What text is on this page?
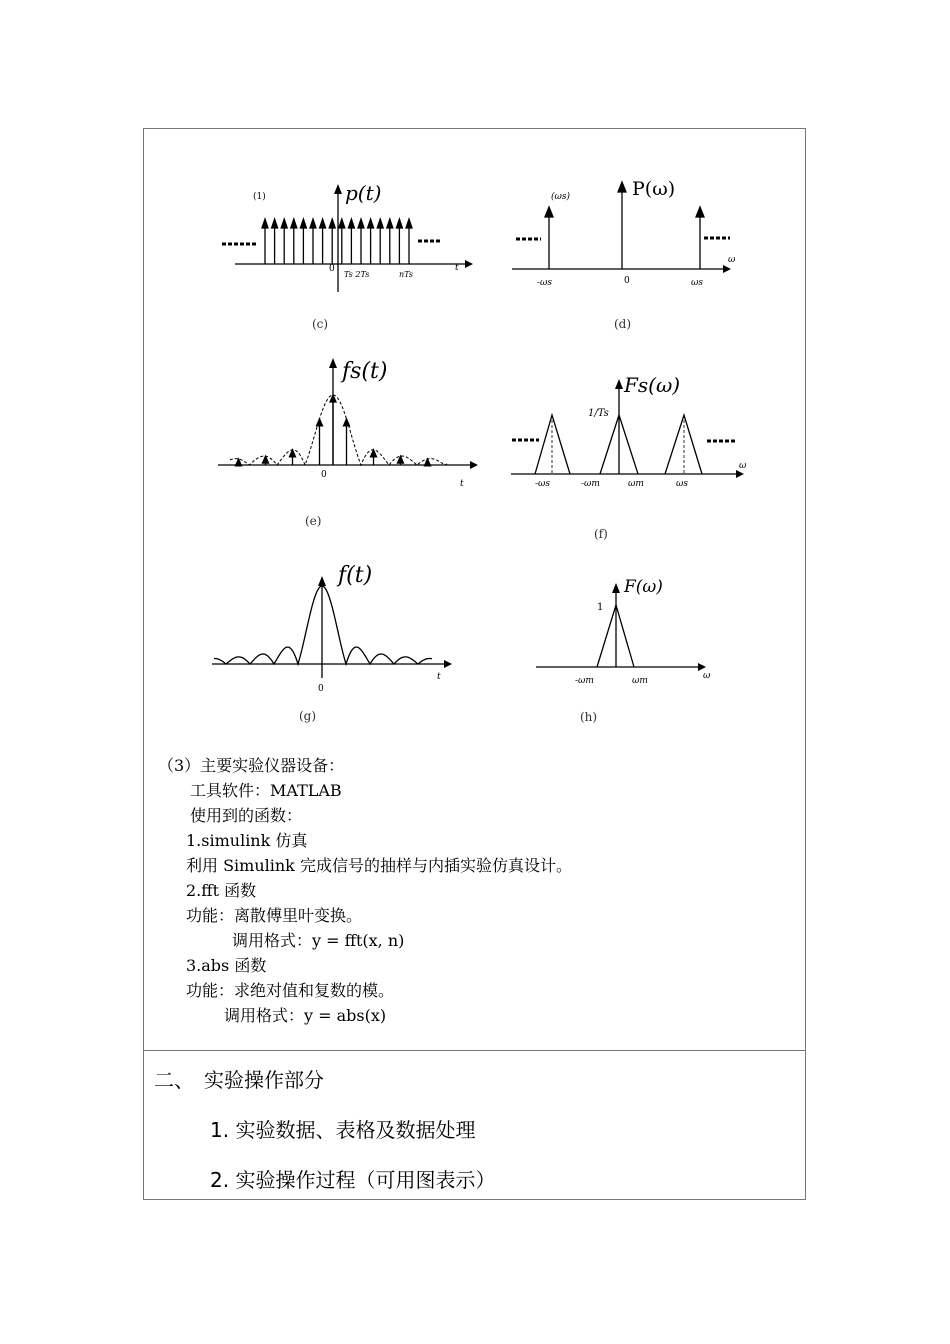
p(t)
(1)
0
Ts 2Ts	nTs
t
(c)
P(ω)
(ωs)
-ωs	0	ωs
ω
(d)
fs(t)
0
t
(e)
Fs(ω)
1/Ts
-ωs	-ωm	ωm	ωs
ω
(f)
f(t)
0
t
(g)
F(ω)
1
-ωm	ωm	ω
(h)
（3）主要实验仪器设备：
工具软件：MATLAB
使用到的函数：
1.simulink 仿真
利用 Simulink 完成信号的抽样与内插实验仿真设计。
2.fft 函数
功能：离散傅里叶变换。
调用格式：y = fft(x, n)
3.abs 函数
功能：求绝对值和复数的模。
调用格式：y = abs(x)
二、　实验操作部分
1. 实验数据、表格及数据处理
2. 实验操作过程（可用图表示）
